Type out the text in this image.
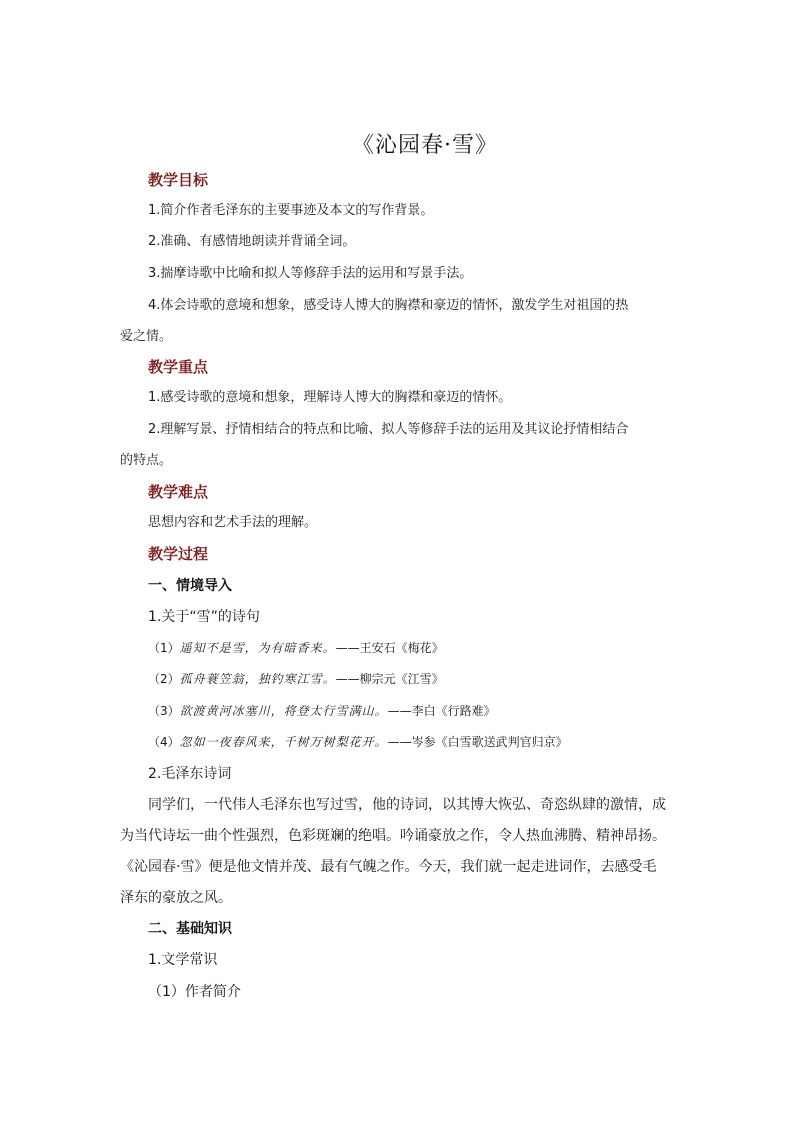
《沁园春·雪》
教学目标
1.简介作者毛泽东的主要事迹及本文的写作背景。
2.准确、有感情地朗读并背诵全词。
3.揣摩诗歌中比喻和拟人等修辞手法的运用和写景手法。
4.体会诗歌的意境和想象，感受诗人博大的胸襟和豪迈的情怀，激发学生对祖国的热
爱之情。
教学重点
1.感受诗歌的意境和想象，理解诗人博大的胸襟和豪迈的情怀。
2.理解写景、抒情相结合的特点和比喻、拟人等修辞手法的运用及其议论抒情相结合
的特点。
教学难点
思想内容和艺术手法的理解。
教学过程
一、情境导入
1.关于“雪”的诗句
（1）遥知不是雪，为有暗香来。——王安石《梅花》
（2）孤舟蓑笠翁，独钓寒江雪。——柳宗元《江雪》
（3）欲渡黄河冰塞川，将登太行雪满山。——李白《行路难》
（4）忽如一夜春风来，千树万树梨花开。——岑参《白雪歌送武判官归京》
2.毛泽东诗词
同学们，一代伟人毛泽东也写过雪，他的诗词，以其博大恢弘、奇恣纵肆的激情，成
为当代诗坛一曲个性强烈，色彩斑斓的绝唱。吟诵豪放之作，令人热血沸腾、精神昂扬。
《沁园春·雪》便是他文情并茂、最有气魄之作。今天，我们就一起走进词作，去感受毛
泽东的豪放之风。
二、基础知识
1.文学常识
（1）作者简介
